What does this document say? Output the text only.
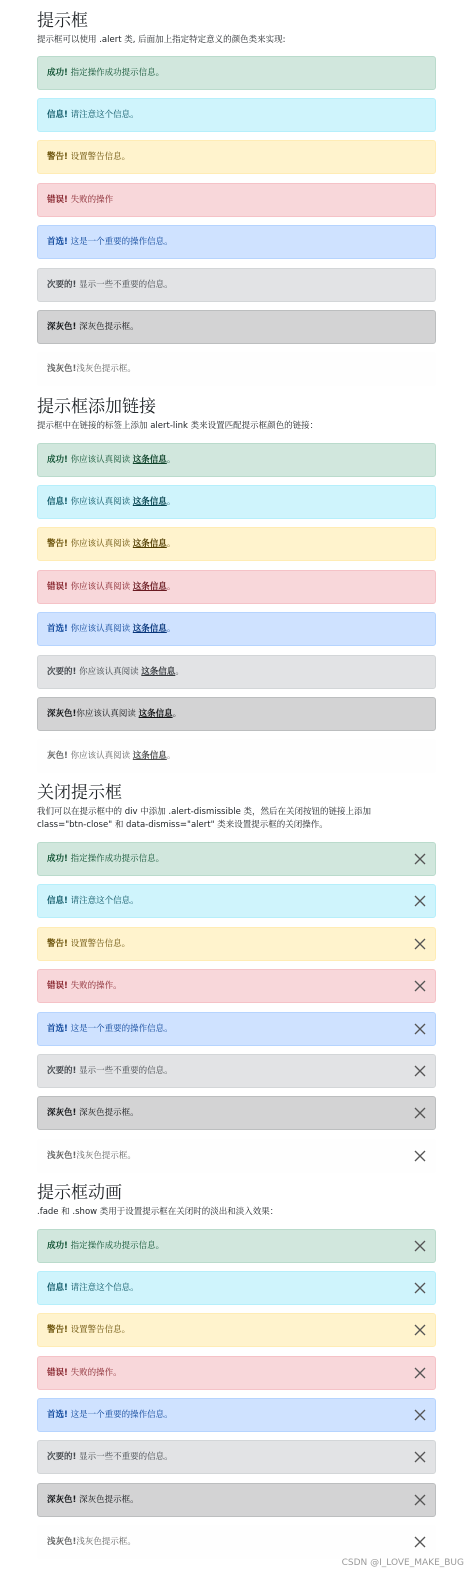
提示框

提示框可以使用 .alert 类, 后面加上指定特定意义的颜色类来实现:

成功! 指定操作成功提示信息。
信息! 请注意这个信息。
警告! 设置警告信息。
错误! 失败的操作
首选! 这是一个重要的操作信息。
次要的! 显示一些不重要的信息。
深灰色! 深灰色提示框。
浅灰色!浅灰色提示框。
提示框添加链接

提示框中在链接的标签上添加 alert-link 类来设置匹配提示框颜色的链接：

成功! 你应该认真阅读 这条信息。
信息! 你应该认真阅读 这条信息。
警告! 你应该认真阅读 这条信息。
错误! 你应该认真阅读 这条信息。
首选! 你应该认真阅读 这条信息。
次要的! 你应该认真阅读 这条信息。
深灰色!你应该认真阅读 这条信息。
灰色! 你应该认真阅读 这条信息。
关闭提示框

我们可以在提示框中的 div 中添加 .alert-dismissible 类，然后在关闭按钮的链接上添加

class="btn-close" 和 data-dismiss="alert" 类来设置提示框的关闭操作。

成功! 指定操作成功提示信息。
信息! 请注意这个信息。
警告! 设置警告信息。
错误! 失败的操作。
首选! 这是一个重要的操作信息。
次要的! 显示一些不重要的信息。
深灰色! 深灰色提示框。
浅灰色!浅灰色提示框。
提示框动画

.fade 和 .show 类用于设置提示框在关闭时的淡出和淡入效果：

成功! 指定操作成功提示信息。
信息! 请注意这个信息。
警告! 设置警告信息。
错误! 失败的操作。
首选! 这是一个重要的操作信息。
次要的! 显示一些不重要的信息。
深灰色! 深灰色提示框。
浅灰色!浅灰色提示框。
CSDN @I_LOVE_MAKE_BUG
